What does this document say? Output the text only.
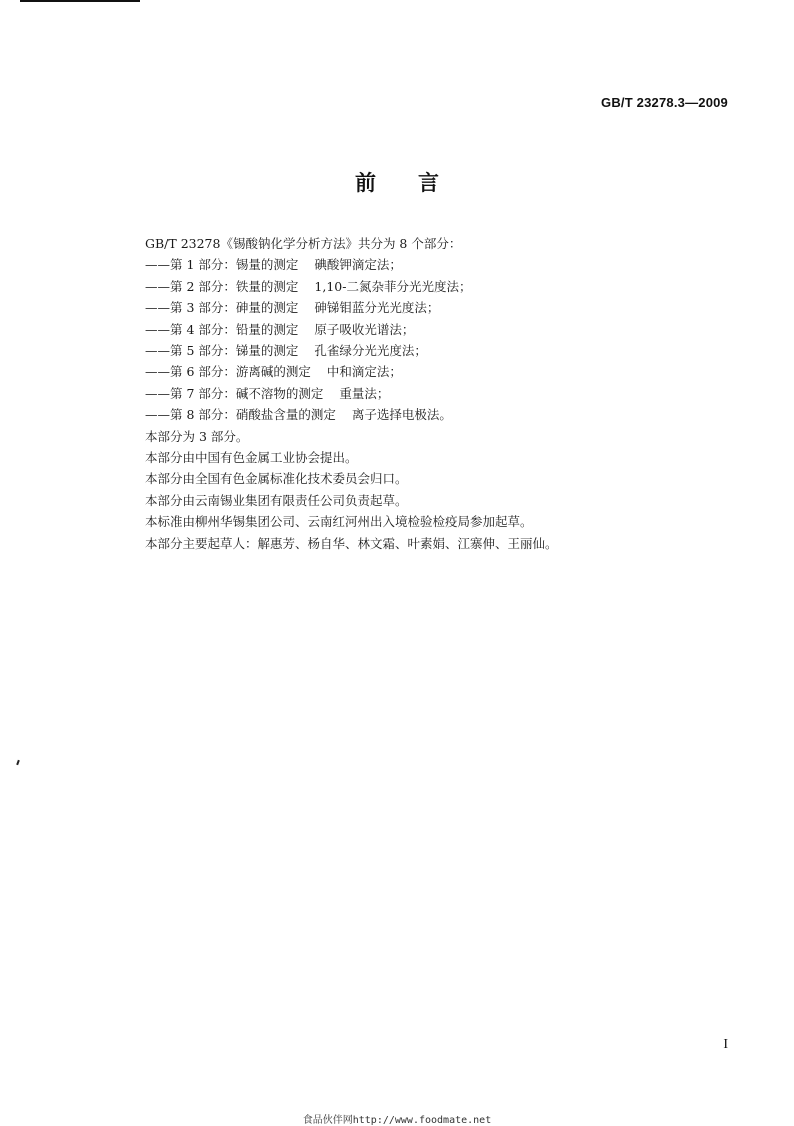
GB/T 23278.3—2009
前　　言

GB/T 23278《锡酸钠化学分析方法》共分为 8 个部分：

——第 1 部分：锡量的测定 碘酸钾滴定法；

——第 2 部分：铁量的测定 1,10-二氮杂菲分光光度法；

——第 3 部分：砷量的测定 砷锑钼蓝分光光度法；

——第 4 部分：铅量的测定 原子吸收光谱法；

——第 5 部分：锑量的测定 孔雀绿分光光度法；

——第 6 部分：游离碱的测定 中和滴定法；

——第 7 部分：碱不溶物的测定 重量法；

——第 8 部分：硝酸盐含量的测定 离子选择电极法。

本部分为 3 部分。

本部分由中国有色金属工业协会提出。

本部分由全国有色金属标准化技术委员会归口。

本部分由云南锡业集团有限责任公司负责起草。

本标准由柳州华锡集团公司、云南红河州出入境检验检疫局参加起草。

本部分主要起草人：解惠芳、杨自华、林文霜、叶素娟、江寨伸、王丽仙。

I
食品伙伴网http://www.foodmate.net
